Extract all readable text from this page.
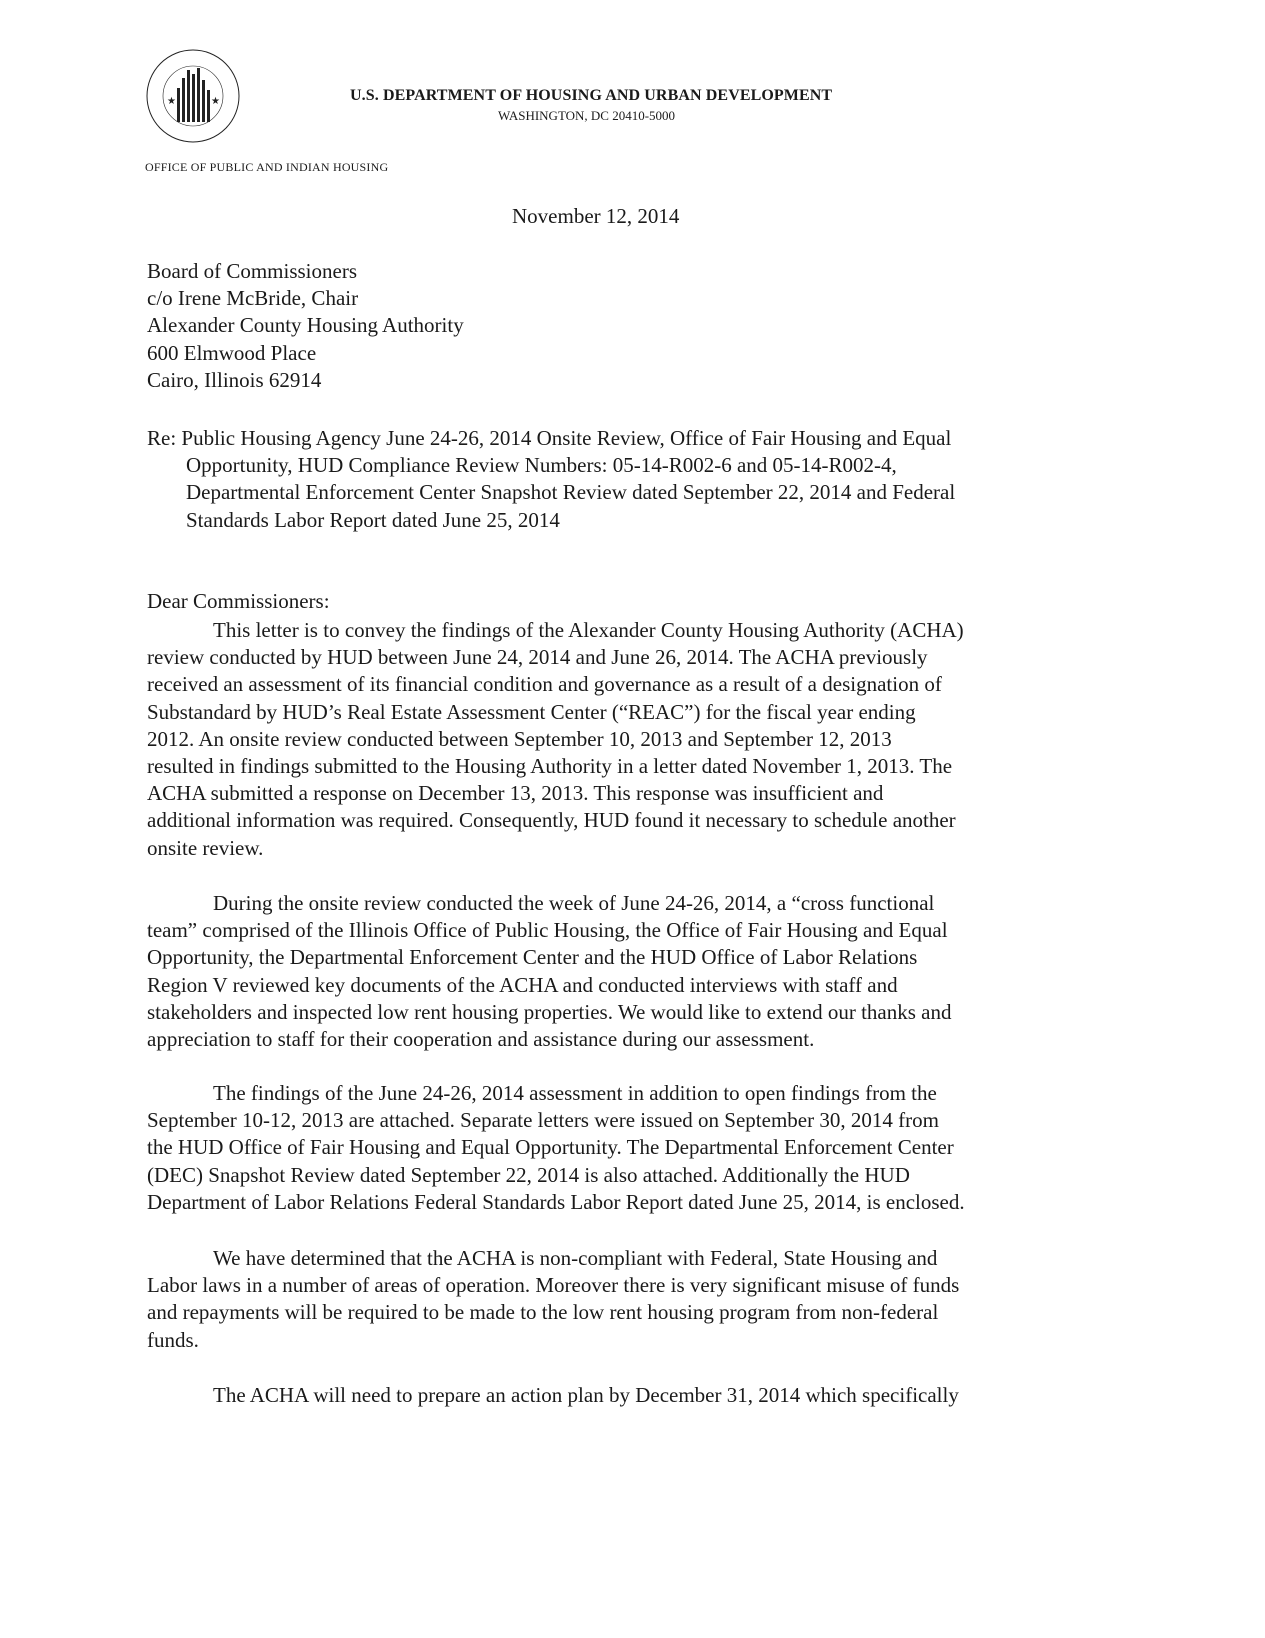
★	★	U.S. DEPARTMENT OF HOUSING AND URBAN DEVELOPMENT
WASHINGTON, DC 20410-5000
OFFICE OF PUBLIC AND INDIAN HOUSING
November 12, 2014
Board of Commissioners
c/o Irene McBride, Chair
Alexander County Housing Authority
600 Elmwood Place
Cairo, Illinois 62914
Re: Public Housing Agency June 24-26, 2014 Onsite Review, Office of Fair Housing and Equal
Opportunity, HUD Compliance Review Numbers: 05-14-R002-6 and 05-14-R002-4,
Departmental Enforcement Center Snapshot Review dated September 22, 2014 and Federal
Standards Labor Report dated June 25, 2014
Dear Commissioners:
This letter is to convey the findings of the Alexander County Housing Authority (ACHA)
review conducted by HUD between June 24, 2014 and June 26, 2014. The ACHA previously
received an assessment of its financial condition and governance as a result of a designation of
Substandard by HUD’s Real Estate Assessment Center (“REAC”) for the fiscal year ending
2012. An onsite review conducted between September 10, 2013 and September 12, 2013
resulted in findings submitted to the Housing Authority in a letter dated November 1, 2013. The
ACHA submitted a response on December 13, 2013. This response was insufficient and
additional information was required. Consequently, HUD found it necessary to schedule another
onsite review.
During the onsite review conducted the week of June 24-26, 2014, a “cross functional
team” comprised of the Illinois Office of Public Housing, the Office of Fair Housing and Equal
Opportunity, the Departmental Enforcement Center and the HUD Office of Labor Relations
Region V reviewed key documents of the ACHA and conducted interviews with staff and
stakeholders and inspected low rent housing properties. We would like to extend our thanks and
appreciation to staff for their cooperation and assistance during our assessment.
The findings of the June 24-26, 2014 assessment in addition to open findings from the
September 10-12, 2013 are attached. Separate letters were issued on September 30, 2014 from
the HUD Office of Fair Housing and Equal Opportunity. The Departmental Enforcement Center
(DEC) Snapshot Review dated September 22, 2014 is also attached. Additionally the HUD
Department of Labor Relations Federal Standards Labor Report dated June 25, 2014, is enclosed.
We have determined that the ACHA is non-compliant with Federal, State Housing and
Labor laws in a number of areas of operation. Moreover there is very significant misuse of funds
and repayments will be required to be made to the low rent housing program from non-federal
funds.
The ACHA will need to prepare an action plan by December 31, 2014 which specifically
